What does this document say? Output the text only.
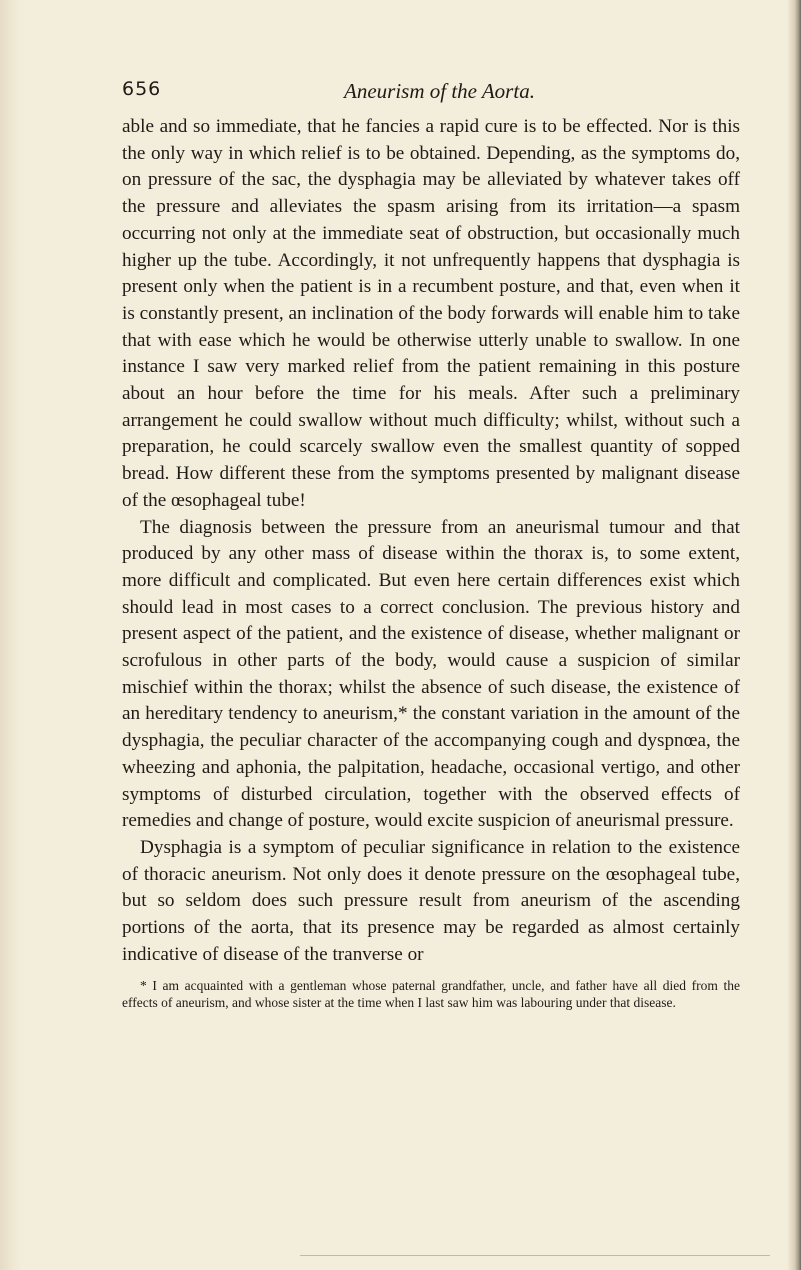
656	Aneurism of the Aorta.

able and so immediate, that he fancies a rapid cure is to be effected. Nor is this the only way in which relief is to be obtained. Depending, as the symptoms do, on pressure of the sac, the dysphagia may be alleviated by whatever takes off the pressure and alleviates the spasm arising from its irritation—a spasm occurring not only at the immediate seat of obstruction, but occasionally much higher up the tube. Accordingly, it not unfrequently happens that dysphagia is present only when the patient is in a recumbent posture, and that, even when it is constantly present, an inclination of the body forwards will enable him to take that with ease which he would be otherwise utterly unable to swallow. In one instance I saw very marked relief from the patient remaining in this posture about an hour before the time for his meals. After such a preliminary arrangement he could swallow without much difficulty; whilst, without such a preparation, he could scarcely swallow even the smallest quantity of sopped bread. How different these from the symptoms presented by malignant disease of the œsophageal tube!

The diagnosis between the pressure from an aneurismal tumour and that produced by any other mass of disease within the thorax is, to some extent, more difficult and complicated. But even here certain differences exist which should lead in most cases to a correct conclusion. The previous history and present aspect of the patient, and the existence of disease, whether malignant or scrofulous in other parts of the body, would cause a suspicion of similar mischief within the thorax; whilst the absence of such disease, the existence of an hereditary tendency to aneurism,* the constant variation in the amount of the dysphagia, the peculiar character of the accompanying cough and dyspnœa, the wheezing and aphonia, the palpitation, headache, occasional vertigo, and other symptoms of disturbed circulation, together with the observed effects of remedies and change of posture, would excite suspicion of aneurismal pressure.

Dysphagia is a symptom of peculiar significance in relation to the existence of thoracic aneurism. Not only does it denote pressure on the œsophageal tube, but so seldom does such pressure result from aneurism of the ascending portions of the aorta, that its presence may be regarded as almost certainly indicative of disease of the tranverse or

* I am acquainted with a gentleman whose paternal grandfather, uncle, and father have all died from the effects of aneurism, and whose sister at the time when I last saw him was labouring under that disease.
